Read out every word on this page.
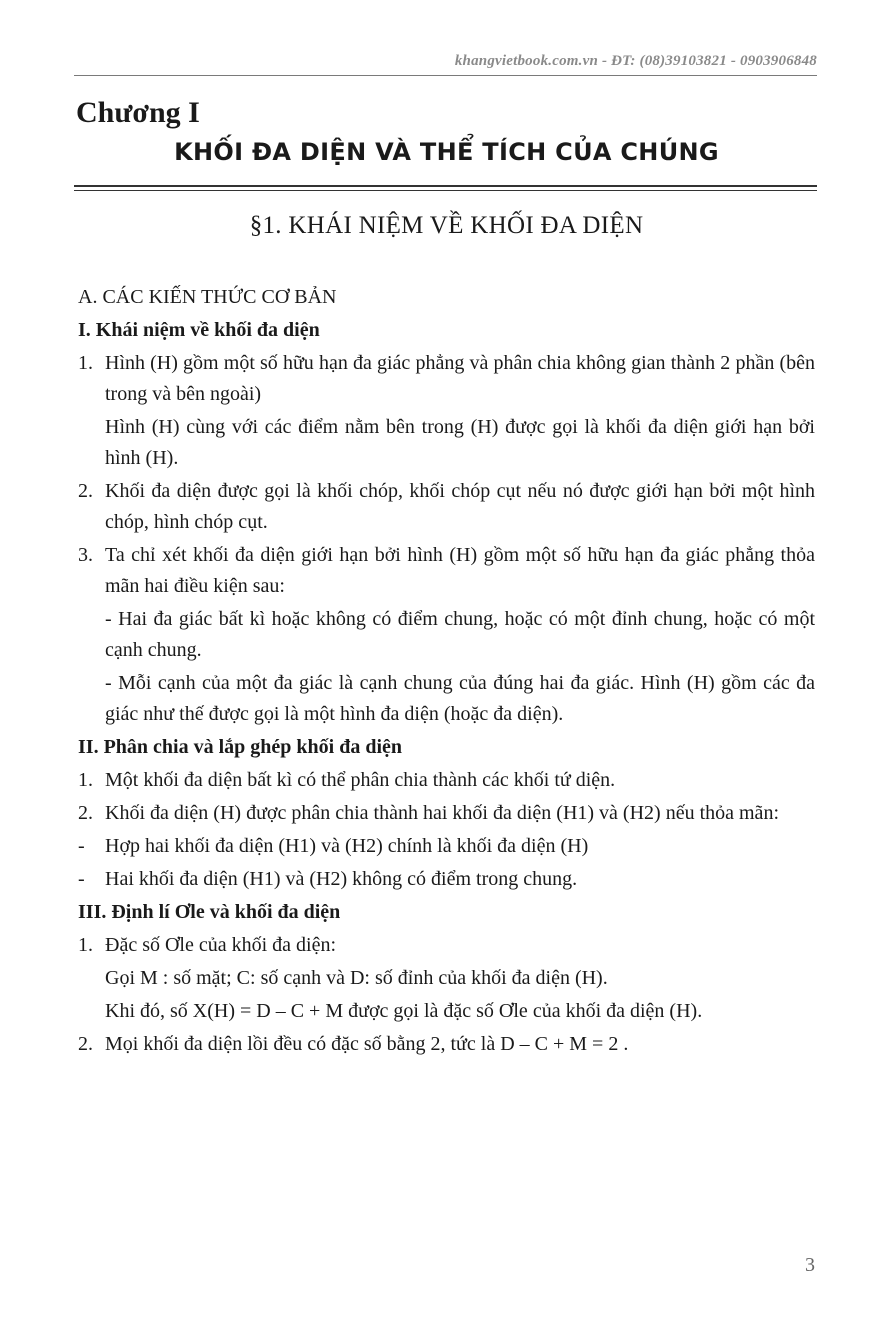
khangvietbook.com.vn - ĐT: (08)39103821 - 0903906848
Chương I
KHỐI ĐA DIỆN VÀ THỂ TÍCH CỦA CHÚNG
§1. KHÁI NIỆM VỀ KHỐI ĐA DIỆN
A. CÁC KIẾN THỨC CƠ BẢN
I. Khái niệm về khối đa diện
1. Hình (H) gồm một số hữu hạn đa giác phẳng và phân chia không gian thành 2 phần (bên trong và bên ngoài)
Hình (H) cùng với các điểm nằm bên trong (H) được gọi là khối đa diện giới hạn bởi hình (H).
2. Khối đa diện được gọi là khối chóp, khối chóp cụt nếu nó được giới hạn bởi một hình chóp, hình chóp cụt.
3. Ta chỉ xét khối đa diện giới hạn bởi hình (H) gồm một số hữu hạn đa giác phẳng thỏa mãn hai điều kiện sau:
- Hai đa giác bất kì hoặc không có điểm chung, hoặc có một đỉnh chung, hoặc có một cạnh chung.
- Mỗi cạnh của một đa giác là cạnh chung của đúng hai đa giác. Hình (H) gồm các đa giác như thế được gọi là một hình đa diện (hoặc đa diện).
II. Phân chia và lắp ghép khối đa diện
1. Một khối đa diện bất kì có thể phân chia thành các khối tứ diện.
2. Khối đa diện (H) được phân chia thành hai khối đa diện (H1) và (H2) nếu thỏa mãn:
-	Hợp hai khối đa diện (H1) và (H2) chính là khối đa diện (H)
-	Hai khối đa diện (H1) và (H2) không có điểm trong chung.
III. Định lí Ơle và khối đa diện
1. Đặc số Ơle của khối đa diện:
Gọi M : số mặt; C: số cạnh và D: số đỉnh của khối đa diện (H).
Khi đó, số X(H) = D – C + M được gọi là đặc số Ơle của khối đa diện (H).
2. Mọi khối đa diện lồi đều có đặc số bằng 2, tức là D – C + M = 2 .
3
